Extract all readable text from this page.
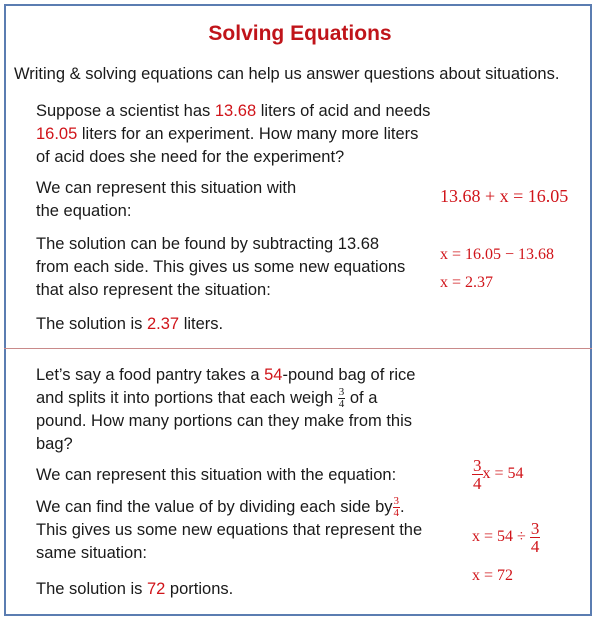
Solving Equations
Writing & solving equations can help us answer questions about situations.
Suppose a scientist has 13.68 liters of acid and needs
16.05 liters for an experiment. How many more liters
of acid does she need for the experiment?
We can represent this situation with
the equation:
13.68 + x = 16.05
The solution can be found by subtracting 13.68
from each side. This gives us some new equations
that also represent the situation:
x = 16.05 − 13.68
x = 2.37
The solution is 2.37 liters.
Let’s say a food pantry takes a 54-pound bag of rice
and splits it into portions that each weigh $\frac{3}{4}$ of a
pound. How many portions can they make from this
bag?
We can represent this situation with the equation:	$\frac{3}{4}$ x = 54
We can find the value of by dividing each side by $\frac{3}{4}$ .
This gives us some new equations that represent the
same situation:
$x = 54 \div \frac{3}{4}$
x = 72
The solution is 72 portions.
